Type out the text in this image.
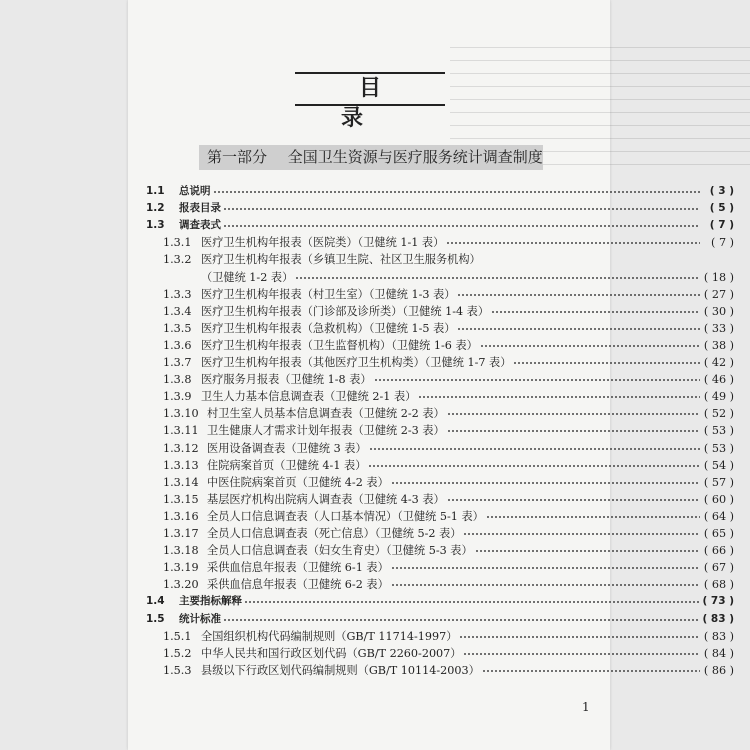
目 录
第一部分 全国卫生资源与医疗服务统计调查制度
1.1 总说明	( 3 )
1.2 报表目录	( 5 )
1.3 调查表式	( 7 )
1.3.1 医疗卫生机构年报表（医院类）（卫健统 1-1 表）	( 7 )
1.3.2 医疗卫生机构年报表（乡镇卫生院、社区卫生服务机构）
（卫健统 1-2 表）	( 18 )
1.3.3 医疗卫生机构年报表（村卫生室）（卫健统 1-3 表）	( 27 )
1.3.4 医疗卫生机构年报表（门诊部及诊所类）（卫健统 1-4 表）	( 30 )
1.3.5 医疗卫生机构年报表（急救机构）（卫健统 1-5 表）	( 33 )
1.3.6 医疗卫生机构年报表（卫生监督机构）（卫健统 1-6 表）	( 38 )
1.3.7 医疗卫生机构年报表（其他医疗卫生机构类）（卫健统 1-7 表）	( 42 )
1.3.8 医疗服务月报表（卫健统 1-8 表）	( 46 )
1.3.9 卫生人力基本信息调查表（卫健统 2-1 表）	( 49 )
1.3.10 村卫生室人员基本信息调查表（卫健统 2-2 表）	( 52 )
1.3.11 卫生健康人才需求计划年报表（卫健统 2-3 表）	( 53 )
1.3.12 医用设备调查表（卫健统 3 表）	( 53 )
1.3.13 住院病案首页（卫健统 4-1 表）	( 54 )
1.3.14 中医住院病案首页（卫健统 4-2 表）	( 57 )
1.3.15 基层医疗机构出院病人调查表（卫健统 4-3 表）	( 60 )
1.3.16 全员人口信息调查表（人口基本情况）（卫健统 5-1 表）	( 64 )
1.3.17 全员人口信息调查表（死亡信息）（卫健统 5-2 表）	( 65 )
1.3.18 全员人口信息调查表（妇女生育史）（卫健统 5-3 表）	( 66 )
1.3.19 采供血信息年报表（卫健统 6-1 表）	( 67 )
1.3.20 采供血信息年报表（卫健统 6-2 表）	( 68 )
1.4 主要指标解释	( 73 )
1.5 统计标准	( 83 )
1.5.1 全国组织机构代码编制规则（GB/T 11714-1997）	( 83 )
1.5.2 中华人民共和国行政区划代码（GB/T 2260-2007）	( 84 )
1.5.3 县级以下行政区划代码编制规则（GB/T 10114-2003）	( 86 )
1
